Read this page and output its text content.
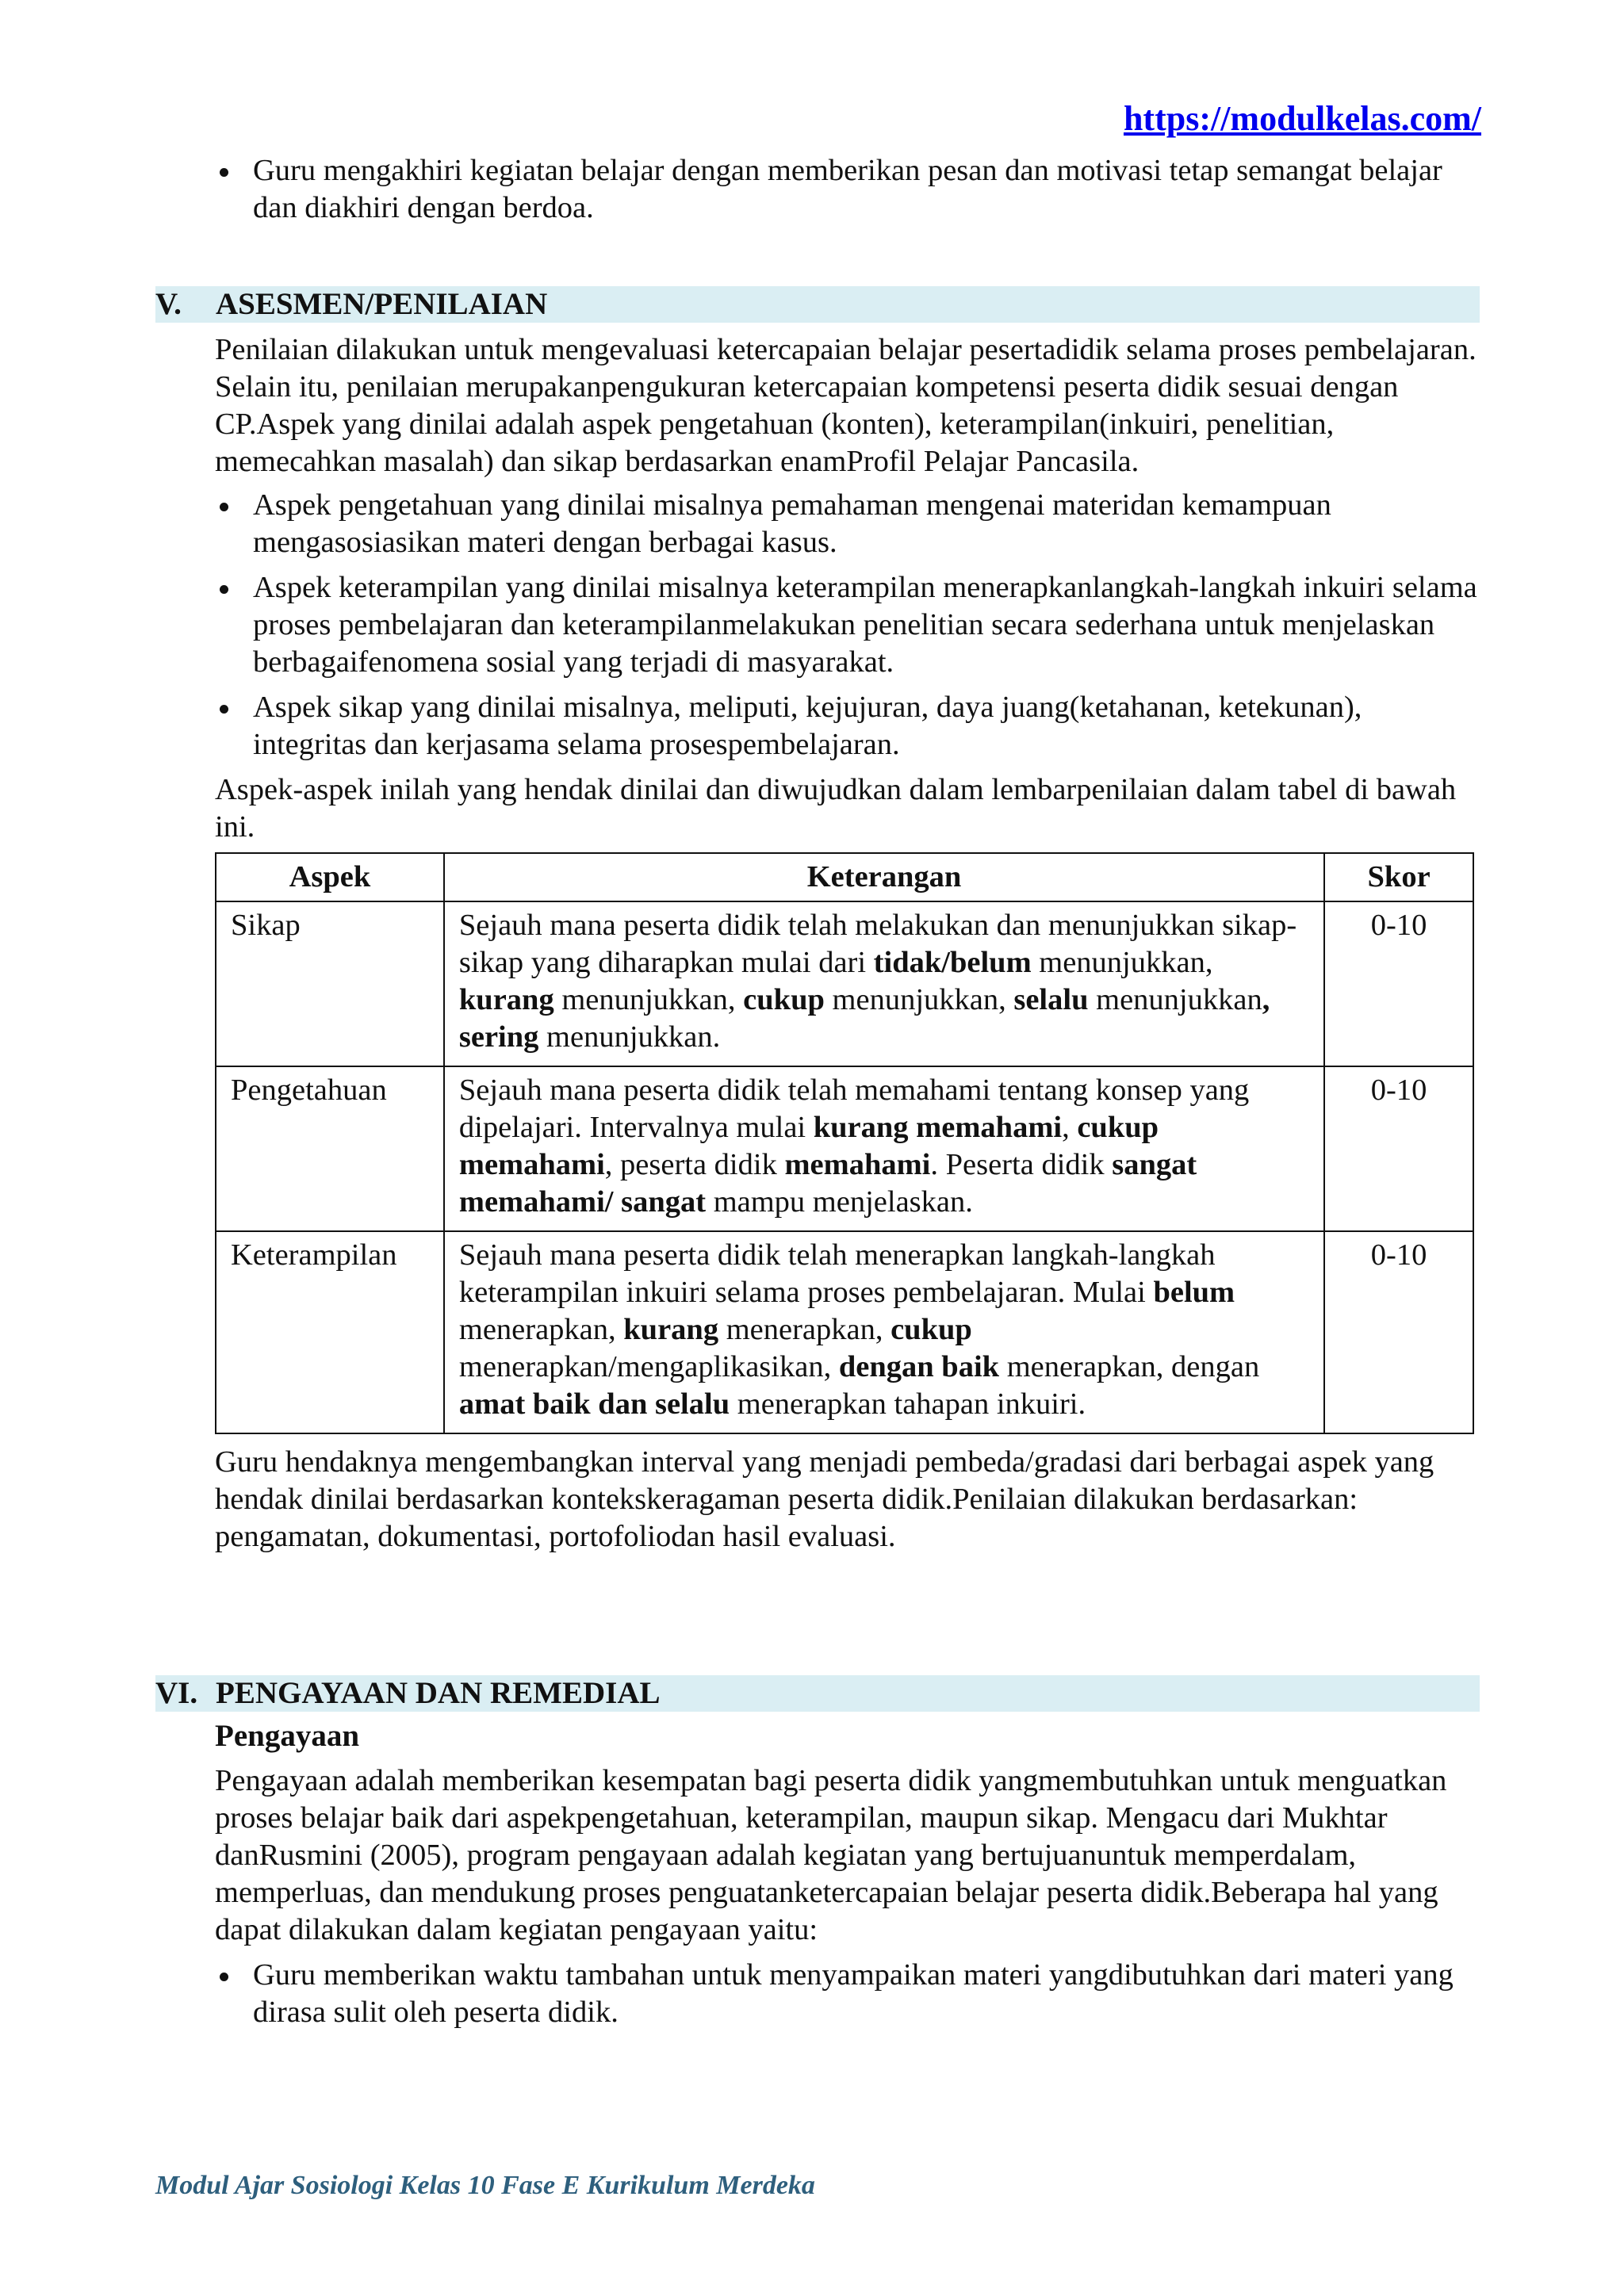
https://modulkelas.com/
Guru mengakhiri kegiatan belajar dengan memberikan pesan dan motivasi tetap semangat belajar dan diakhiri dengan berdoa.
V. ASESMEN/PENILAIAN

Penilaian dilakukan untuk mengevaluasi ketercapaian belajar pesertadidik selama proses pembelajaran. Selain itu, penilaian merupakanpengukuran ketercapaian kompetensi peserta didik sesuai dengan CP.Aspek yang dinilai adalah aspek pengetahuan (konten), keterampilan(inkuiri, penelitian, memecahkan masalah) dan sikap berdasarkan enamProfil Pelajar Pancasila.

Aspek pengetahuan yang dinilai misalnya pemahaman mengenai materidan kemampuan mengasosiasikan materi dengan berbagai kasus.
Aspek keterampilan yang dinilai misalnya keterampilan menerapkanlangkah-langkah inkuiri selama proses pembelajaran dan keterampilanmelakukan penelitian secara sederhana untuk menjelaskan berbagaifenomena sosial yang terjadi di masyarakat.
Aspek sikap yang dinilai misalnya, meliputi, kejujuran, daya juang(ketahanan, ketekunan), integritas dan kerjasama selama prosespembelajaran.

Aspek-aspek inilah yang hendak dinilai dan diwujudkan dalam lembarpenilaian dalam tabel di bawah ini.

Aspek	Keterangan	Skor
Sikap	Sejauh mana peserta didik telah melakukan dan menunjukkan sikap-sikap yang diharapkan mulai dari tidak/belum menunjukkan, kurang menunjukkan, cukup menunjukkan, selalu menunjukkan, sering menunjukkan.	0-10
Pengetahuan	Sejauh mana peserta didik telah memahami tentang konsep yang dipelajari. Intervalnya mulai kurang memahami, cukup memahami, peserta didik memahami. Peserta didik sangat memahami/ sangat mampu menjelaskan.	0-10
Keterampilan	Sejauh mana peserta didik telah menerapkan langkah-langkah keterampilan inkuiri selama proses pembelajaran. Mulai belum menerapkan, kurang menerapkan, cukup menerapkan/mengaplikasikan, dengan baik menerapkan, dengan amat baik dan selalu menerapkan tahapan inkuiri.	0-10

Guru hendaknya mengembangkan interval yang menjadi pembeda/gradasi dari berbagai aspek yang hendak dinilai berdasarkan kontekskeragaman peserta didik.Penilaian dilakukan berdasarkan: pengamatan, dokumentasi, portofoliodan hasil evaluasi.

VI. PENGAYAAN DAN REMEDIAL

Pengayaan

Pengayaan adalah memberikan kesempatan bagi peserta didik yangmembutuhkan untuk menguatkan proses belajar baik dari aspekpengetahuan, keterampilan, maupun sikap. Mengacu dari Mukhtar danRusmini (2005), program pengayaan adalah kegiatan yang bertujuanuntuk memperdalam, memperluas, dan mendukung proses penguatanketercapaian belajar peserta didik.Beberapa hal yang dapat dilakukan dalam kegiatan pengayaan yaitu:

Guru memberikan waktu tambahan untuk menyampaikan materi yangdibutuhkan dari materi yang dirasa sulit oleh peserta didik.
Modul Ajar Sosiologi Kelas 10 Fase E Kurikulum Merdeka
